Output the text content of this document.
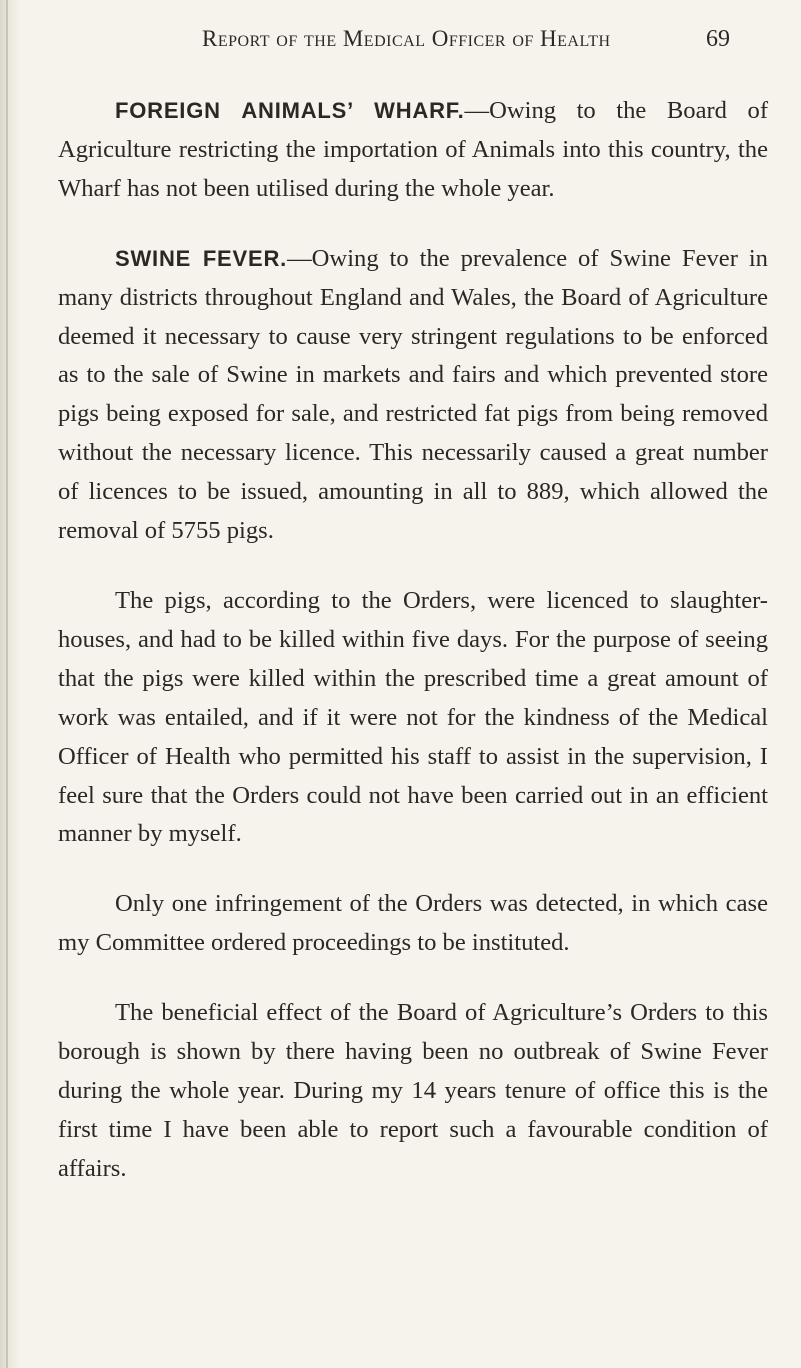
Report of the Medical Officer of Health	69

FOREIGN ANIMALS’ WHARF.—Owing to the Board of Agriculture restricting the importation of Animals into this country, the Wharf has not been utilised during the whole year.

SWINE FEVER.—Owing to the prevalence of Swine Fever in many districts throughout England and Wales, the Board of Agriculture deemed it necessary to cause very stringent regulations to be enforced as to the sale of Swine in markets and fairs and which prevented store pigs being exposed for sale, and restricted fat pigs from being removed without the necessary licence. This necessarily caused a great number of licences to be issued, amounting in all to 889, which allowed the removal of 5755 pigs.

The pigs, according to the Orders, were licenced to slaughter-houses, and had to be killed within five days. For the purpose of seeing that the pigs were killed within the prescribed time a great amount of work was entailed, and if it were not for the kindness of the Medical Officer of Health who permitted his staff to assist in the supervision, I feel sure that the Orders could not have been carried out in an efficient manner by myself.

Only one infringement of the Orders was detected, in which case my Committee ordered proceedings to be instituted.

The beneficial effect of the Board of Agriculture’s Orders to this borough is shown by there having been no outbreak of Swine Fever during the whole year. During my 14 years tenure of office this is the first time I have been able to report such a favourable condition of affairs.
